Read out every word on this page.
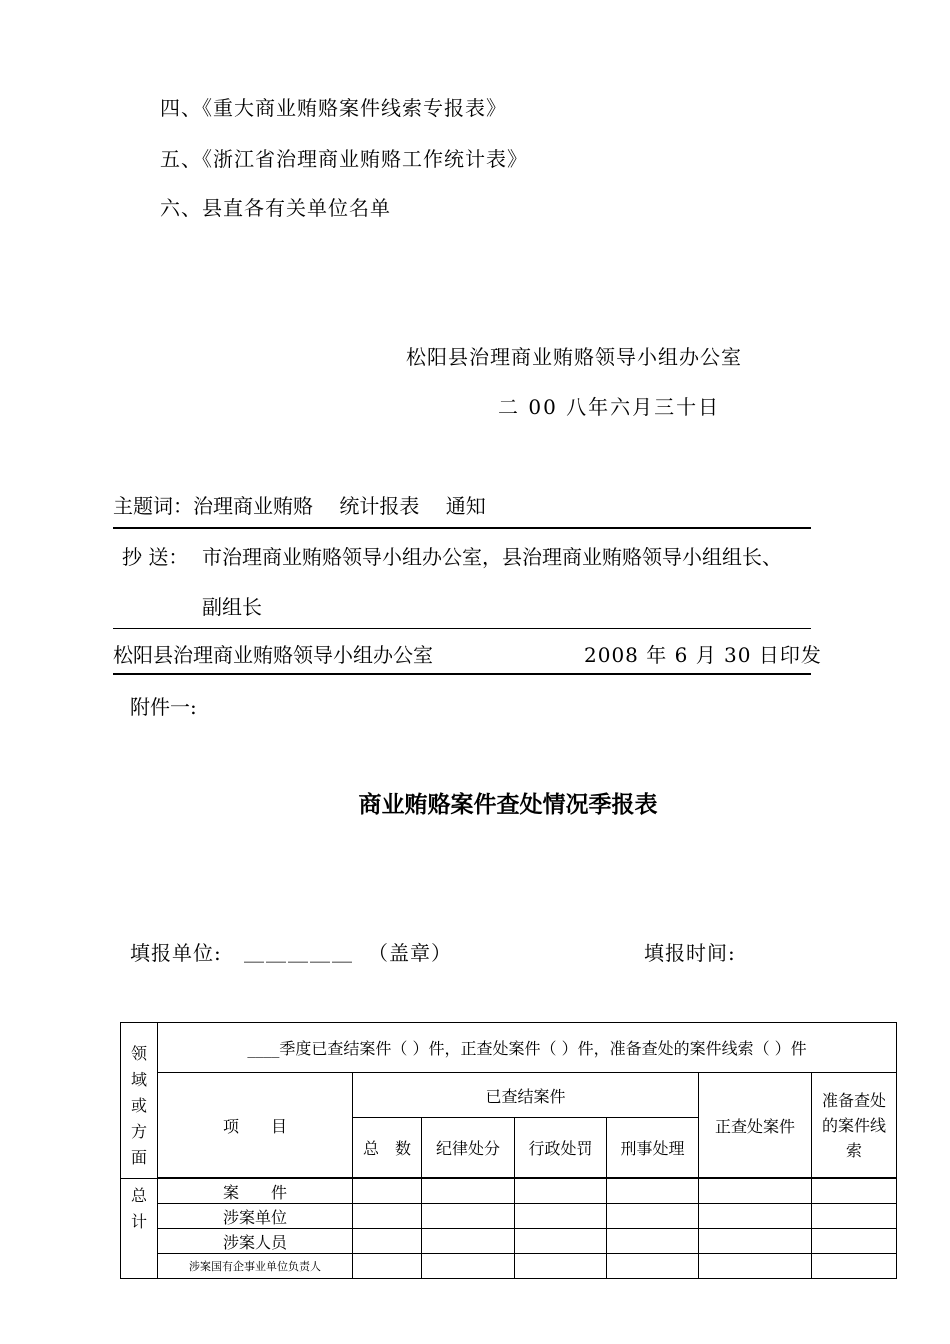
四、《重大商业贿赂案件线索专报表》
五、《浙江省治理商业贿赂工作统计表》
六、县直各有关单位名单
松阳县治理商业贿赂领导小组办公室
二 00 八年六月三十日
主题词：治理商业贿赂　 统计报表　 通知
抄 送： 市治理商业贿赂领导小组办公室，县治理商业贿赂领导小组组长、
副组长
松阳县治理商业贿赂领导小组办公室	2008 年 6 月 30 日印发
附件一:
商业贿赂案件查处情况季报表
填报单位: ＿＿＿＿＿ （盖章）	填报时间:
领域或方面	____季度已查结案件（ ）件，正查处案件（ ）件，准备查处的案件线索（ ）件						
	项　　目	已查结案件				正查处案件	准备查处的案件线索
		总　数	纪律处分	行政处罚	刑事处理		

总计	案　　件						
	涉案单位						
	涉案人员						
	涉案国有企事业单位负责人						
